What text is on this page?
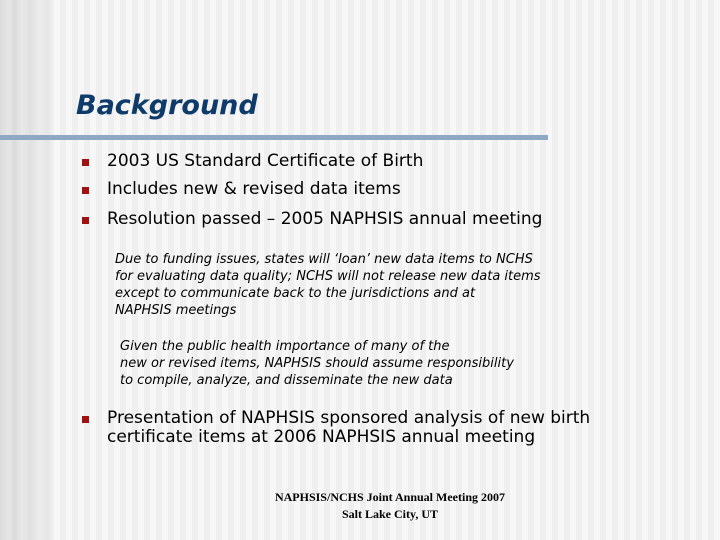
Background
2003 US Standard Certificate of Birth
Includes new & revised data items
Resolution passed – 2005 NAPHSIS annual meeting
Due to funding issues, states will ‘loan’ new data items to NCHS
for evaluating data quality; NCHS will not release new data items
except to communicate back to the jurisdictions and at
NAPHSIS meetings
Given the public health importance of many of the
new or revised items, NAPHSIS should assume responsibility
to compile, analyze, and disseminate the new data
Presentation of NAPHSIS sponsored analysis of new birth certificate items at 2006 NAPHSIS annual meeting
NAPHSIS/NCHS Joint Annual Meeting 2007
Salt Lake City, UT
